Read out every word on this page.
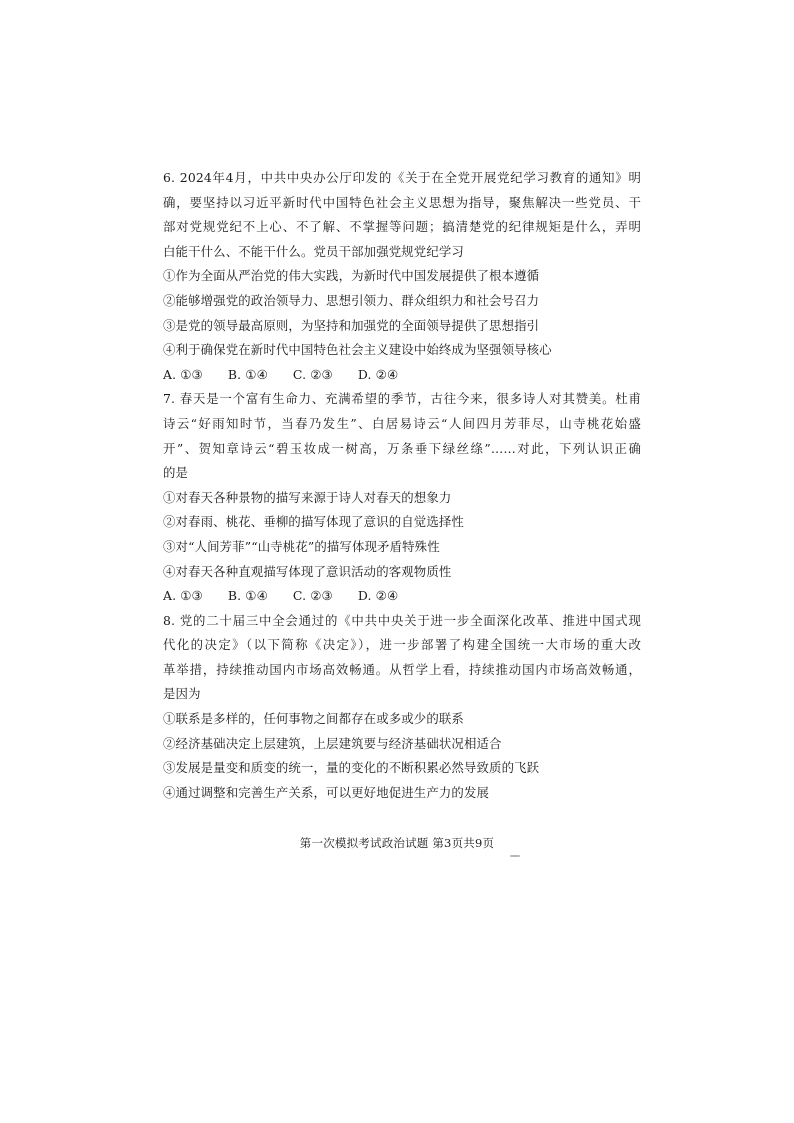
6. 2024年4月，中共中央办公厅印发的《关于在全党开展党纪学习教育的通知》明
确，要坚持以习近平新时代中国特色社会主义思想为指导，聚焦解决一些党员、干
部对党规党纪不上心、不了解、不掌握等问题；搞清楚党的纪律规矩是什么，弄明
白能干什么、不能干什么。党员干部加强党规党纪学习
①作为全面从严治党的伟大实践，为新时代中国发展提供了根本遵循
②能够增强党的政治领导力、思想引领力、群众组织力和社会号召力
③是党的领导最高原则，为坚持和加强党的全面领导提供了思想指引
④利于确保党在新时代中国特色社会主义建设中始终成为坚强领导核心
A. ①③　　B. ①④　　C. ②③　　D. ②④
7. 春天是一个富有生命力、充满希望的季节，古往今来，很多诗人对其赞美。杜甫
诗云“好雨知时节，当春乃发生”、白居易诗云“人间四月芳菲尽，山寺桃花始盛
开”、贺知章诗云“碧玉妆成一树高，万条垂下绿丝绦”……对此，下列认识正确
的是
①对春天各种景物的描写来源于诗人对春天的想象力
②对春雨、桃花、垂柳的描写体现了意识的自觉选择性
③对“人间芳菲”“山寺桃花”的描写体现矛盾特殊性
④对春天各种直观描写体现了意识活动的客观物质性
A. ①③　　B. ①④　　C. ②③　　D. ②④
8. 党的二十届三中全会通过的《中共中央关于进一步全面深化改革、推进中国式现
代化的决定》（以下简称《决定》），进一步部署了构建全国统一大市场的重大改
革举措，持续推动国内市场高效畅通。从哲学上看，持续推动国内市场高效畅通，
是因为
①联系是多样的，任何事物之间都存在或多或少的联系
②经济基础决定上层建筑，上层建筑要与经济基础状况相适合
③发展是量变和质变的统一，量的变化的不断积累必然导致质的飞跃
④通过调整和完善生产关系，可以更好地促进生产力的发展
第一次模拟考试政治试题 第3页共9页
